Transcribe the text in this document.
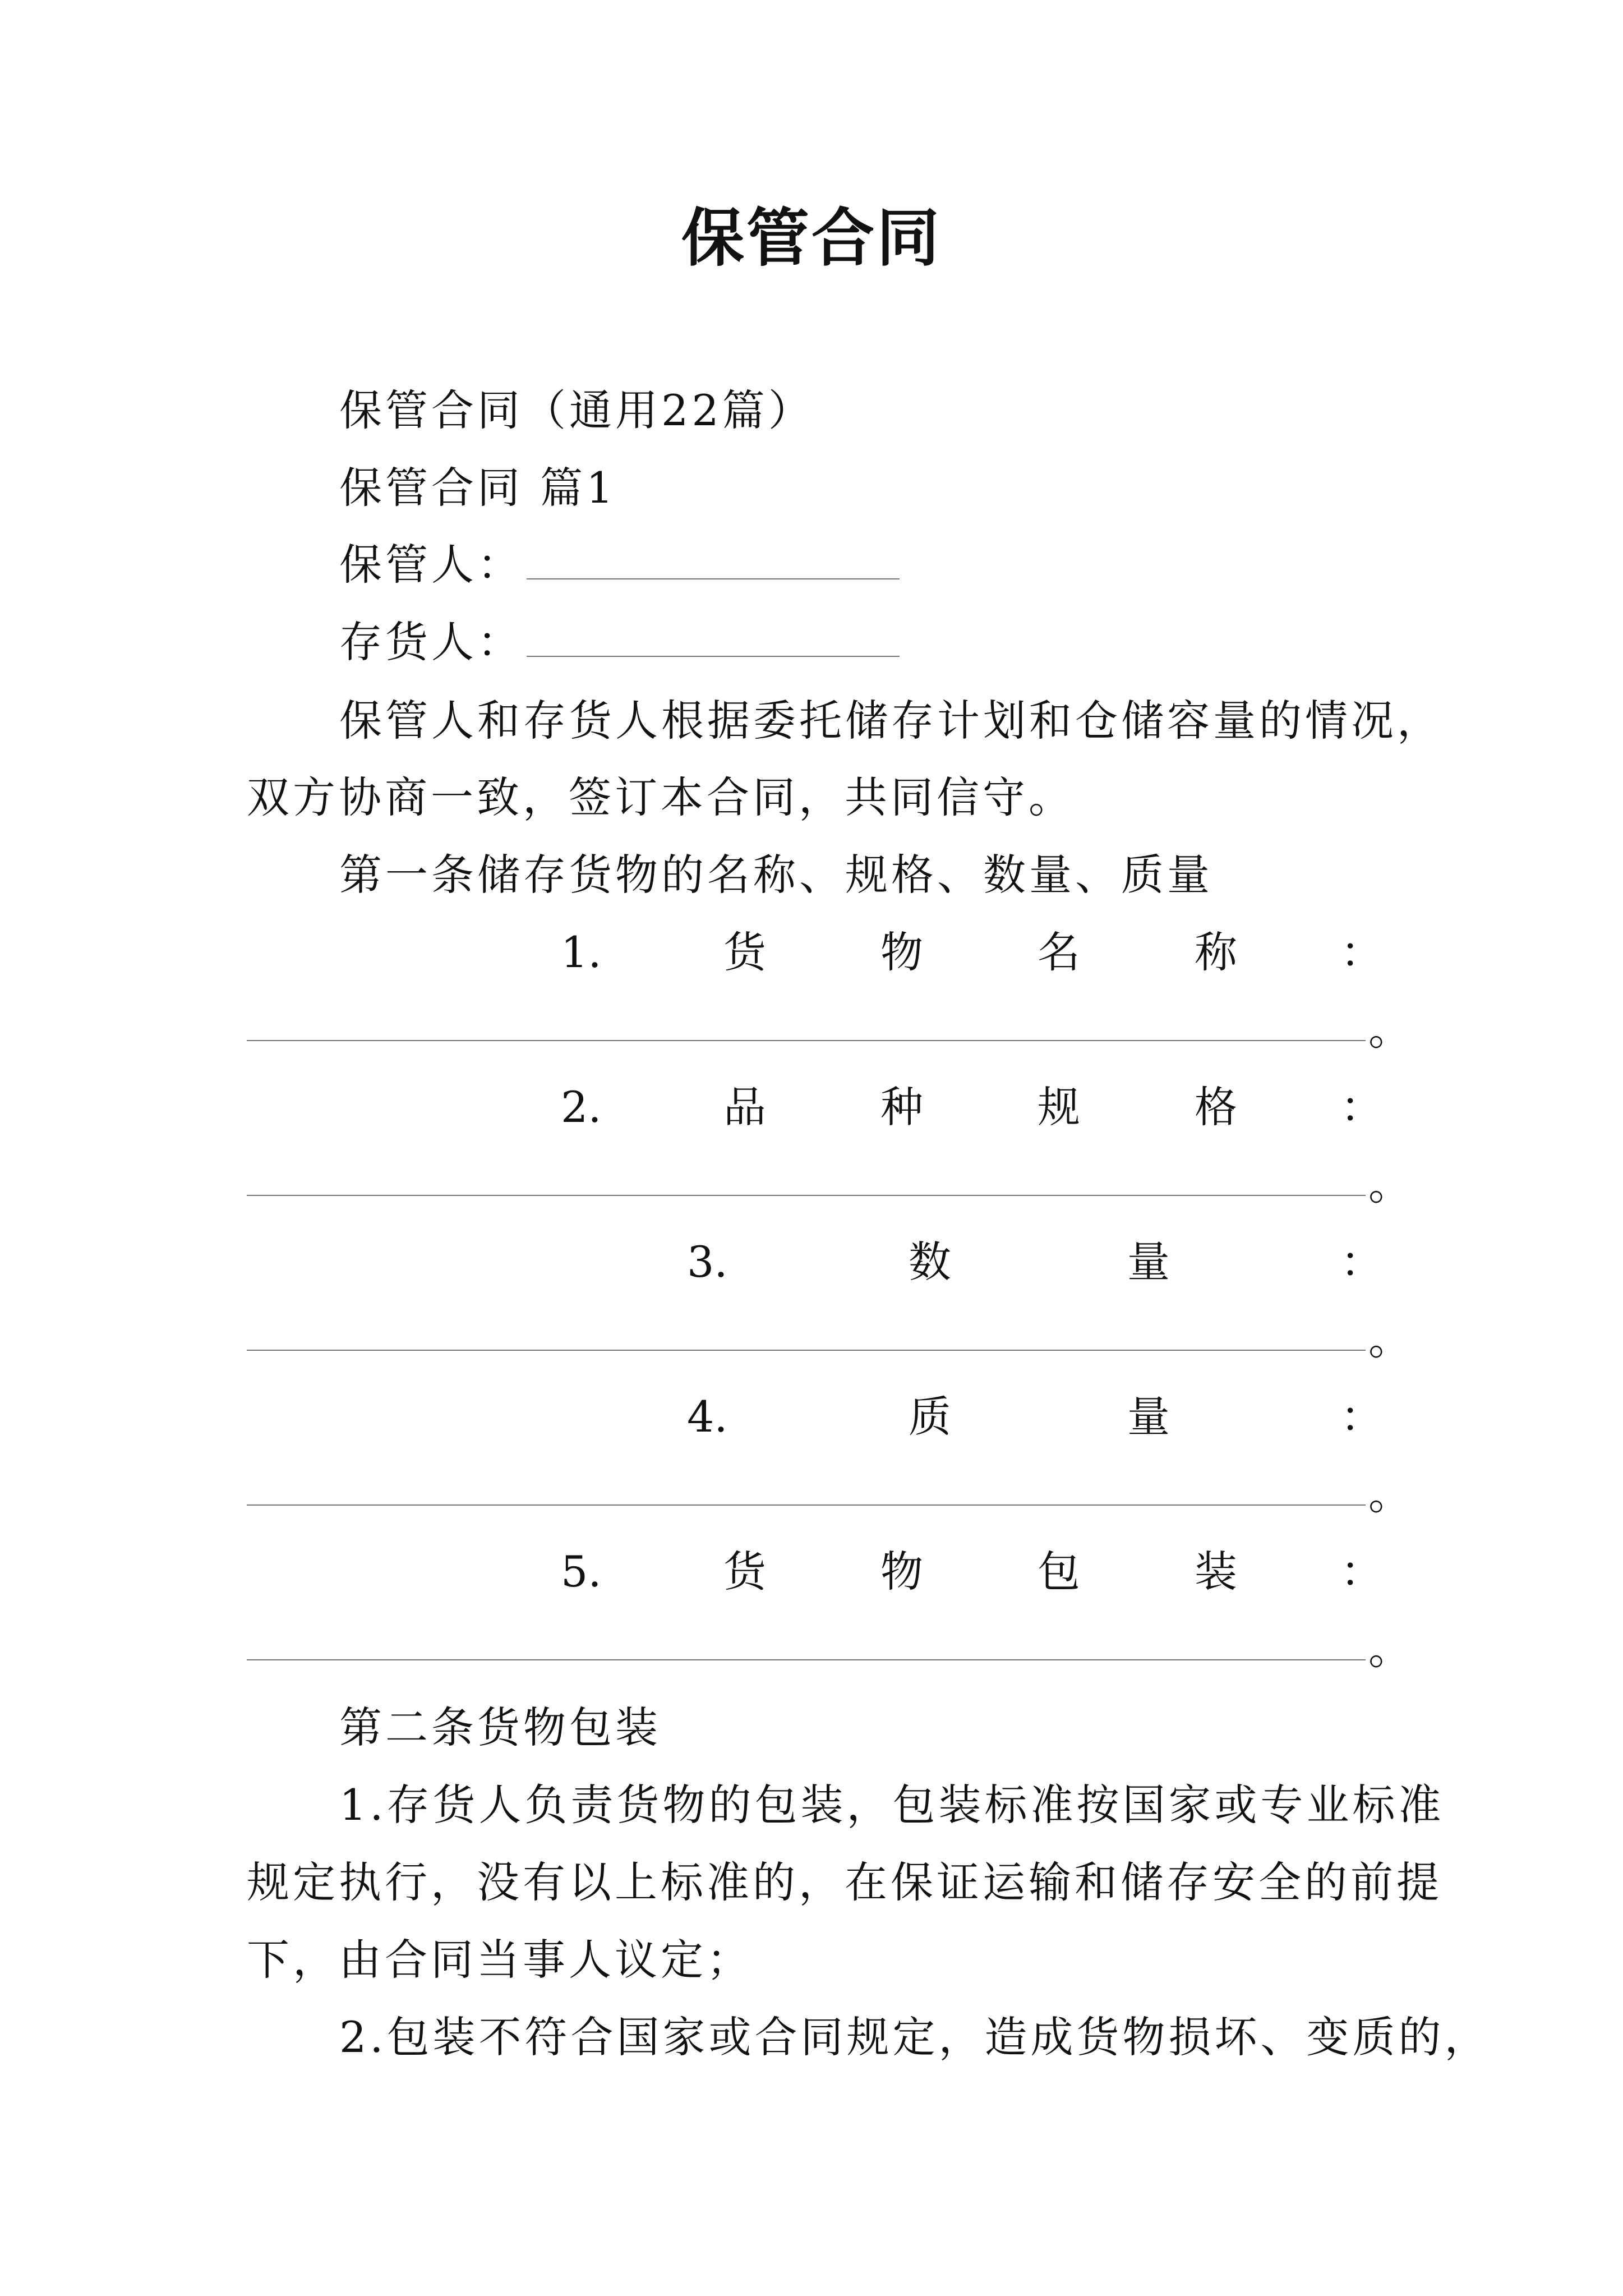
保管合同
保管合同（通用22篇）
保管合同 篇1
保管人：
存货人：
保管人和存货人根据委托储存计划和仓储容量的情况，
双方协商一致，签订本合同，共同信守。
第一条储存货物的名称、规格、数量、质量
1.	货	物	名	称 ：
。
2.	品	种	规	格 ：
。
3.	数	量	：
。
4.	质	量	：
。
5.	货	物	包	装 ：
。
第二条货物包装
1.存货人负责货物的包装，包装标准按国家或专业标准
规定执行，没有以上标准的，在保证运输和储存安全的前提
下，由合同当事人议定；
2.包装不符合国家或合同规定，造成货物损坏、变质的，
